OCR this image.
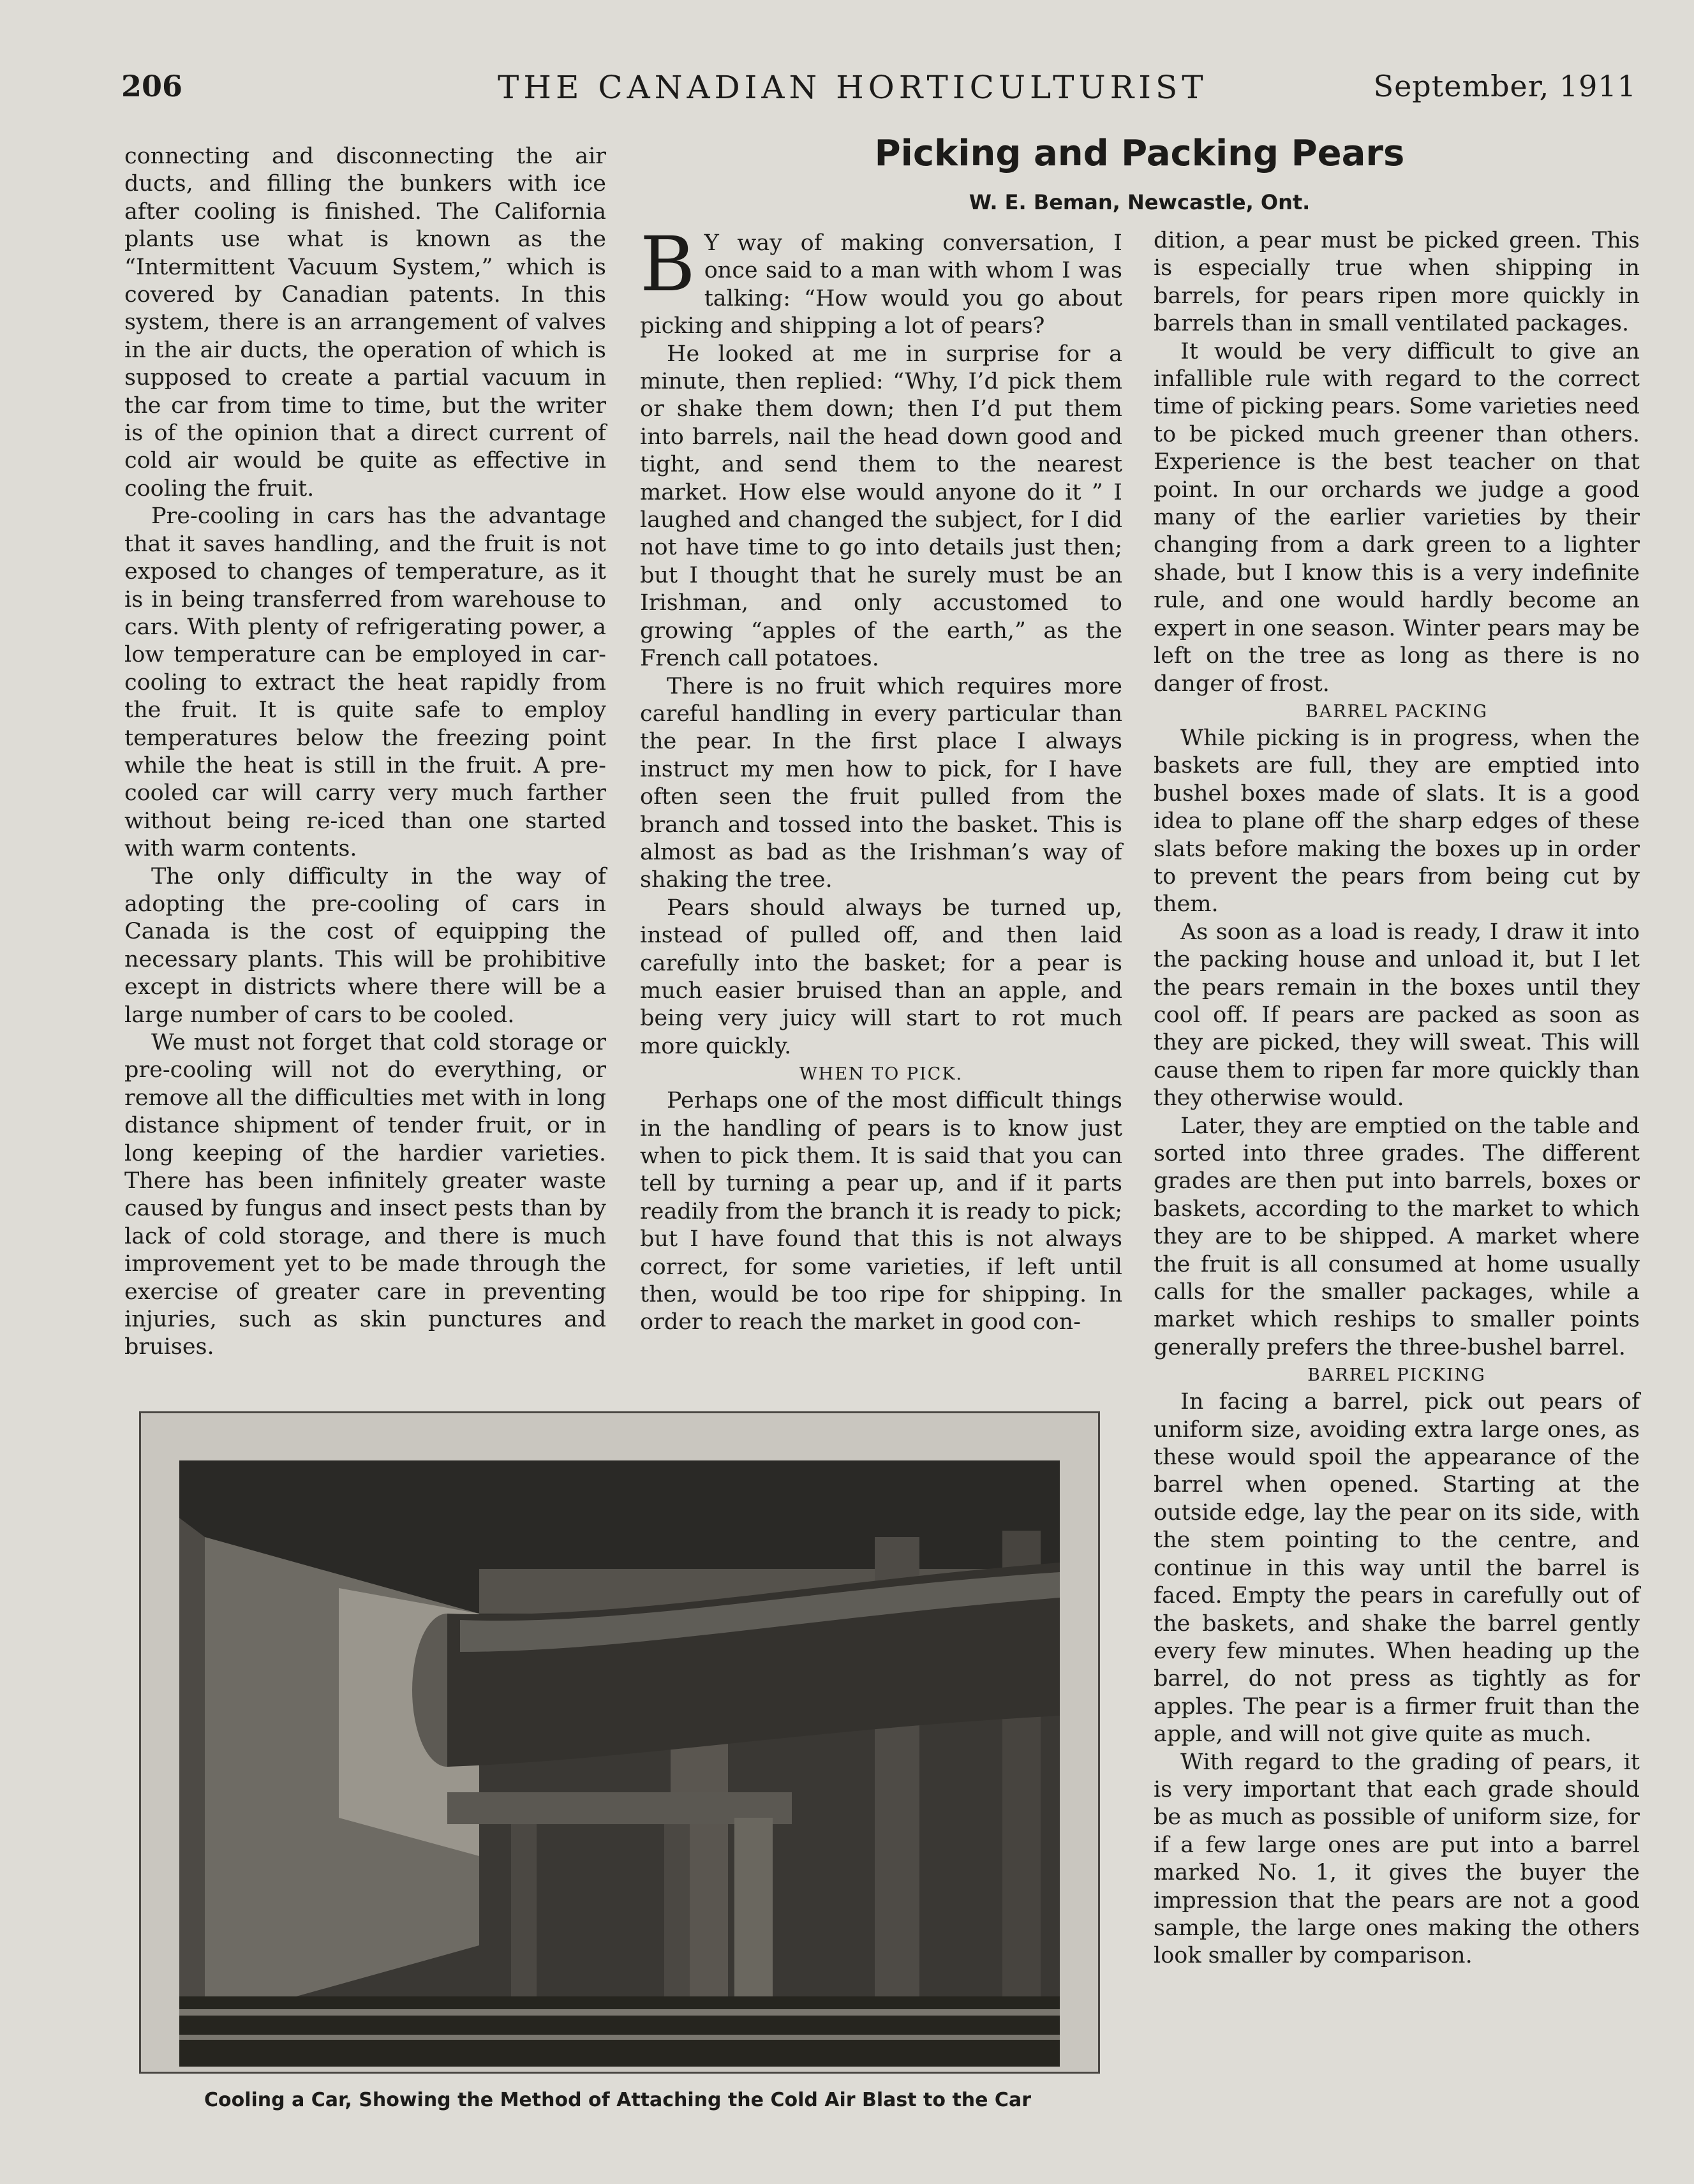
206	THE CANADIAN HORTICULTURIST	September, 1911

connecting and disconnecting the air ducts, and filling the bunkers with ice after cooling is finished. The California plants use what is known as the “Intermittent Vacuum System,” which is covered by Canadian patents. In this system, there is an arrangement of valves in the air ducts, the operation of which is supposed to create a partial vacuum in the car from time to time, but the writer is of the opinion that a direct current of cold air would be quite as effective in cooling the fruit.

Pre-cooling in cars has the advantage that it saves handling, and the fruit is not exposed to changes of temperature, as it is in being transferred from warehouse to cars. With plenty of refrigerating power, a low temperature can be employed in car-cooling to extract the heat rapidly from the fruit. It is quite safe to employ temperatures below the freezing point while the heat is still in the fruit. A pre-cooled car will carry very much farther without being re-iced than one started with warm contents.

The only difficulty in the way of adopting the pre-cooling of cars in Canada is the cost of equipping the necessary plants. This will be prohibitive except in districts where there will be a large number of cars to be cooled.

We must not forget that cold storage or pre-cooling will not do everything, or remove all the difficulties met with in long distance shipment of tender fruit, or in long keeping of the hardier varieties. There has been infinitely greater waste caused by fungus and insect pests than by lack of cold storage, and there is much improvement yet to be made through the exercise of greater care in preventing injuries, such as skin punctures and bruises.

Picking and Packing Pears
W. E. Beman, Newcastle, Ont.

B Y way of making conversation, I once said to a man with whom I was talking: “How would you go about picking and shipping a lot of pears?

He looked at me in surprise for a minute, then replied: “Why, I’d pick them or shake them down; then I’d put them into barrels, nail the head down good and tight, and send them to the nearest market. How else would anyone do it ” I laughed and changed the subject, for I did not have time to go into details just then; but I thought that he surely must be an Irishman, and only accustomed to growing “apples of the earth,” as the French call potatoes.

There is no fruit which requires more careful handling in every particular than the pear. In the first place I always instruct my men how to pick, for I have often seen the fruit pulled from the branch and tossed into the basket. This is almost as bad as the Irishman’s way of shaking the tree.

Pears should always be turned up, instead of pulled off, and then laid carefully into the basket; for a pear is much easier bruised than an apple, and being very juicy will start to rot much more quickly.

WHEN TO PICK.

Perhaps one of the most difficult things in the handling of pears is to know just when to pick them. It is said that you can tell by turning a pear up, and if it parts readily from the branch it is ready to pick; but I have found that this is not always correct, for some varieties, if left until then, would be too ripe for shipping. In order to reach the market in good con-

dition, a pear must be picked green. This is especially true when shipping in barrels, for pears ripen more quickly in barrels than in small ventilated packages.

It would be very difficult to give an infallible rule with regard to the correct time of picking pears. Some varieties need to be picked much greener than others. Experience is the best teacher on that point. In our orchards we judge a good many of the earlier varieties by their changing from a dark green to a lighter shade, but I know this is a very indefinite rule, and one would hardly become an expert in one season. Winter pears may be left on the tree as long as there is no danger of frost.

BARREL PACKING

While picking is in progress, when the baskets are full, they are emptied into bushel boxes made of slats. It is a good idea to plane off the sharp edges of these slats before making the boxes up in order to prevent the pears from being cut by them.

As soon as a load is ready, I draw it into the packing house and unload it, but I let the pears remain in the boxes until they cool off. If pears are packed as soon as they are picked, they will sweat. This will cause them to ripen far more quickly than they otherwise would.

Later, they are emptied on the table and sorted into three grades. The different grades are then put into barrels, boxes or baskets, according to the market to which they are to be shipped. A market where the fruit is all consumed at home usually calls for the smaller packages, while a market which reships to smaller points generally prefers the three-bushel barrel.

BARREL PICKING

In facing a barrel, pick out pears of uniform size, avoiding extra large ones, as these would spoil the appearance of the barrel when opened. Starting at the outside edge, lay the pear on its side, with the stem pointing to the centre, and continue in this way until the barrel is faced. Empty the pears in carefully out of the baskets, and shake the barrel gently every few minutes. When heading up the barrel, do not press as tightly as for apples. The pear is a firmer fruit than the apple, and will not give quite as much.

With regard to the grading of pears, it is very important that each grade should be as much as possible of uniform size, for if a few large ones are put into a barrel marked No. 1, it gives the buyer the impression that the pears are not a good sample, the large ones making the others look smaller by comparison.

Cooling a Car, Showing the Method of Attaching the Cold Air Blast to the Car
